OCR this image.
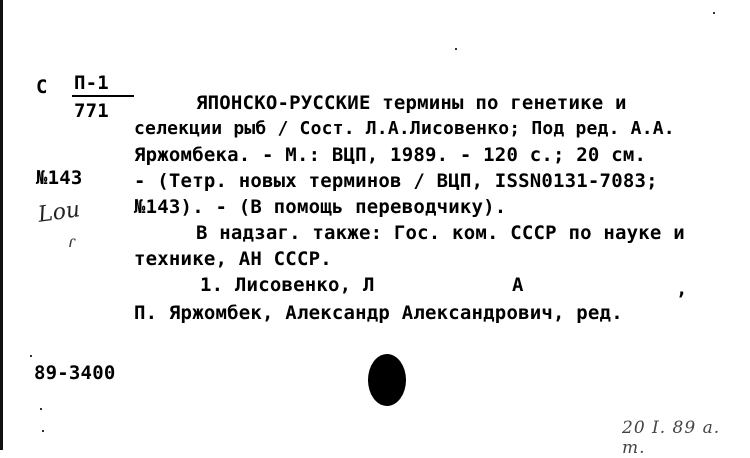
С П-1
771
№143
Lou
ɾ
ЯПОНСКО-РУССКИЕ термины по генетике и
селекции рыб / Сост. Л.А.Лисовенко; Под ред. А.А.
Яржомбека. - М.: ВЦП, 1989. - 120 с.; 20 см.
- (Тетр. новых терминов / ВЦП, ISSN0131-7083;
№143). - (В помощь переводчику).
В надзаг. также: Гос. ком. СССР по науке и
технике, АН СССР.
1. Лисовенко, Л	А	,
П. Яржомбек, Александр Александрович, ред.
89-3400
20 I. 89 a. m.
